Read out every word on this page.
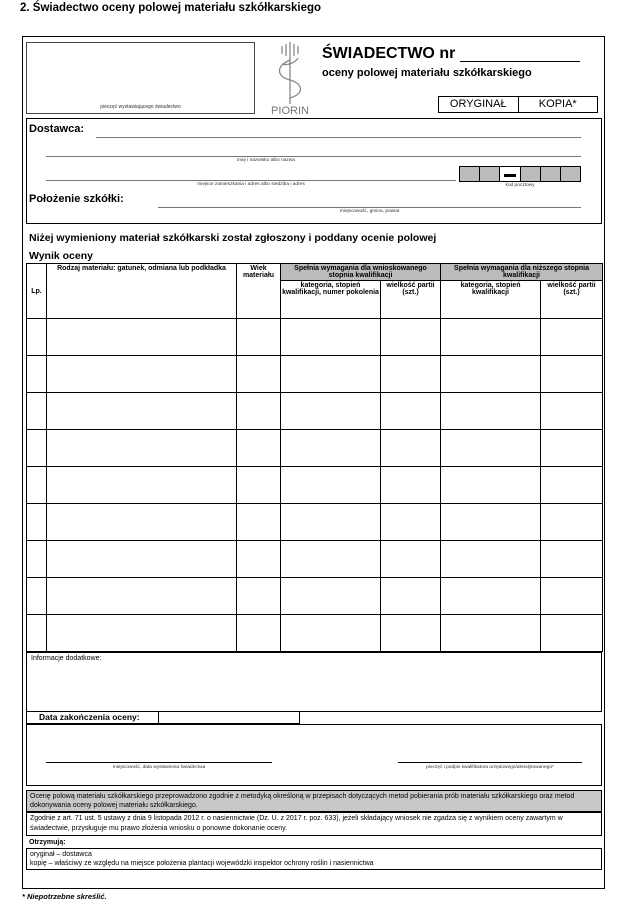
2. Świadectwo oceny polowej materiału szkółkarskiego
pieczęć wystawiającego świadectwo	PIORIN
ŚWIADECTWO nr
oceny polowej materiału szkółkarskiego
ORYGINAŁ	KOPIA*
Dostawca:
imię i nazwisko albo nazwa
miejsce zamieszkania i adres albo siedziba i adres	kod pocztowy
Położenie szkółki:
miejscowość, gmina, powiat
Niżej wymieniony materiał szkółkarski został zgłoszony i poddany ocenie polowej
Wynik oceny
Lp.	Rodzaj materiału: gatunek, odmiana lub podkładka	Wiek materiału	Spełnia wymagania dla wnioskowanego stopnia kwalifikacji		Spełnia wymagania dla niższego stopnia kwalifikacji	
			kategoria, stopień kwalifikacji, numer pokolenia	wielkość partii (szt.)	kategoria, stopień kwalifikacji	wielkość partii (szt.)

Informacje dodatkowe:
Data zakończenia oceny:
miejscowość, data wystawienia świadectwa	pieczęć i podpis kwalifikatora urzędowego/akredytowanego*
Ocenę polową materiału szkółkarskiego przeprowadzono zgodnie z metodyką określoną w przepisach dotyczących metod pobierania prób materiału szkółkarskiego oraz metod dokonywania oceny polowej materiału szkółkarskiego.
Zgodnie z art. 71 ust. 5 ustawy z dnia 9 listopada 2012 r. o nasiennictwie (Dz. U. z 2017 r. poz. 633), jeżeli składający wniosek nie zgadza się z wynikiem oceny zawartym w świadectwie, przysługuje mu prawo złożenia wniosku o ponowne dokonanie oceny.
Otrzymują:
oryginał – dostawca
kopię – właściwy ze względu na miejsce położenia plantacji wojewódzki inspektor ochrony roślin i nasiennictwa
* Niepotrzebne skreślić.
